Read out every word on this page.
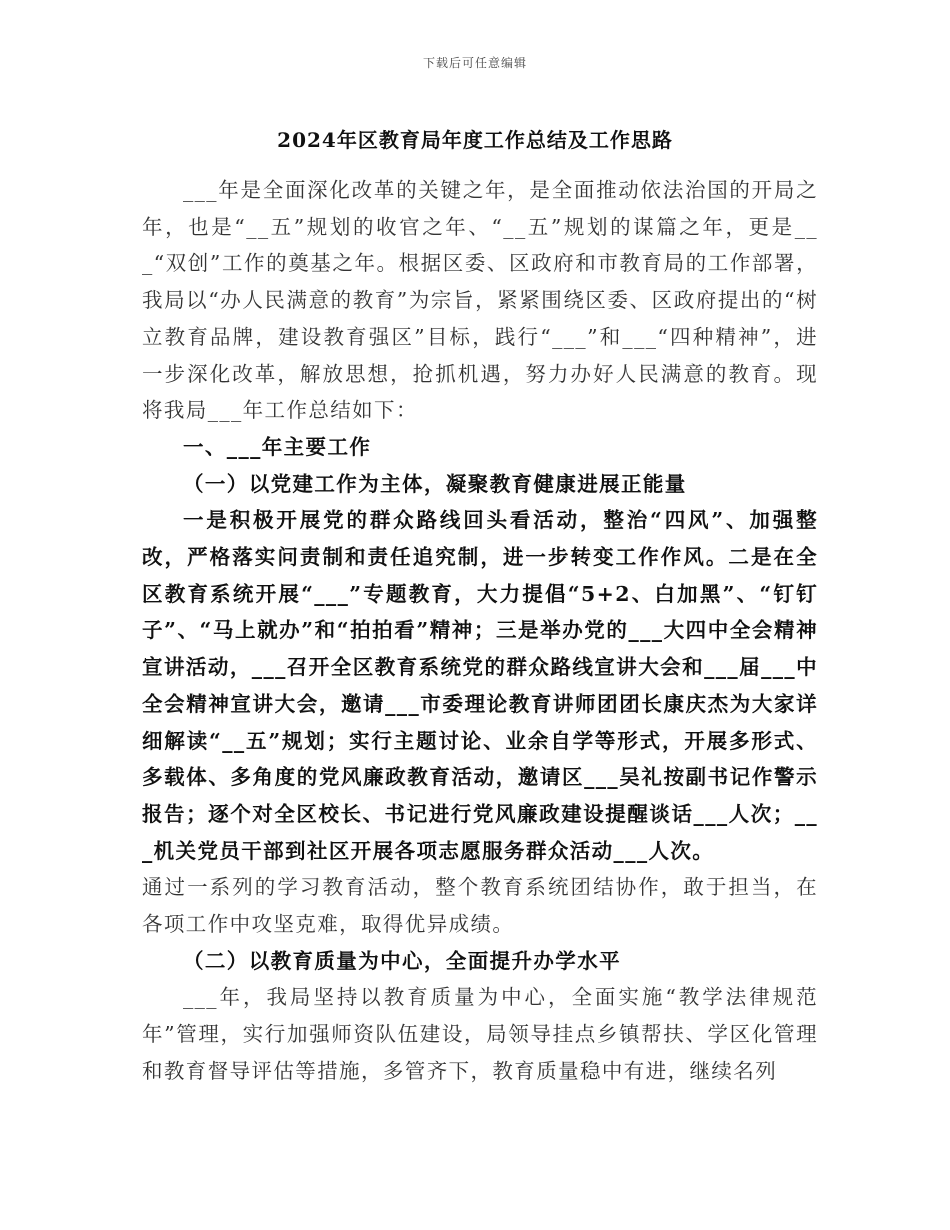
下载后可任意编辑
2024年区教育局年度工作总结及工作思路

___年是全面深化改革的关键之年，是全面推动依法治国的开局之年，也是“__五”规划的收官之年、“__五”规划的谋篇之年，更是___“双创”工作的奠基之年。根据区委、区政府和市教育局的工作部署，我局以“办人民满意的教育”为宗旨，紧紧围绕区委、区政府提出的“树立教育品牌，建设教育强区”目标，践行“___”和___“四种精神”，进一步深化改革，解放思想，抢抓机遇，努力办好人民满意的教育。现将我局___年工作总结如下：

一、___年主要工作

（一）以党建工作为主体，凝聚教育健康进展正能量

一是积极开展党的群众路线回头看活动，整治“四风”、加强整改，严格落实问责制和责任追究制，进一步转变工作作风。二是在全区教育系统开展“___”专题教育，大力提倡“5+2、白加黑”、“钉钉子”、“马上就办”和“拍拍看”精神；三是举办党的___大四中全会精神宣讲活动，___召开全区教育系统党的群众路线宣讲大会和___届___中全会精神宣讲大会，邀请___市委理论教育讲师团团长康庆杰为大家详细解读“__五”规划；实行主题讨论、业余自学等形式，开展多形式、多载体、多角度的党风廉政教育活动，邀请区___吴礼按副书记作警示报告；逐个对全区校长、书记进行党风廉政建设提醒谈话___人次；___机关党员干部到社区开展各项志愿服务群众活动___人次。

通过一系列的学习教育活动，整个教育系统团结协作，敢于担当，在各项工作中攻坚克难，取得优异成绩。

（二）以教育质量为中心，全面提升办学水平

___年，我局坚持以教育质量为中心，全面实施“教学法律规范年”管理，实行加强师资队伍建设，局领导挂点乡镇帮扶、学区化管理和教育督导评估等措施，多管齐下，教育质量稳中有进，继续名列
